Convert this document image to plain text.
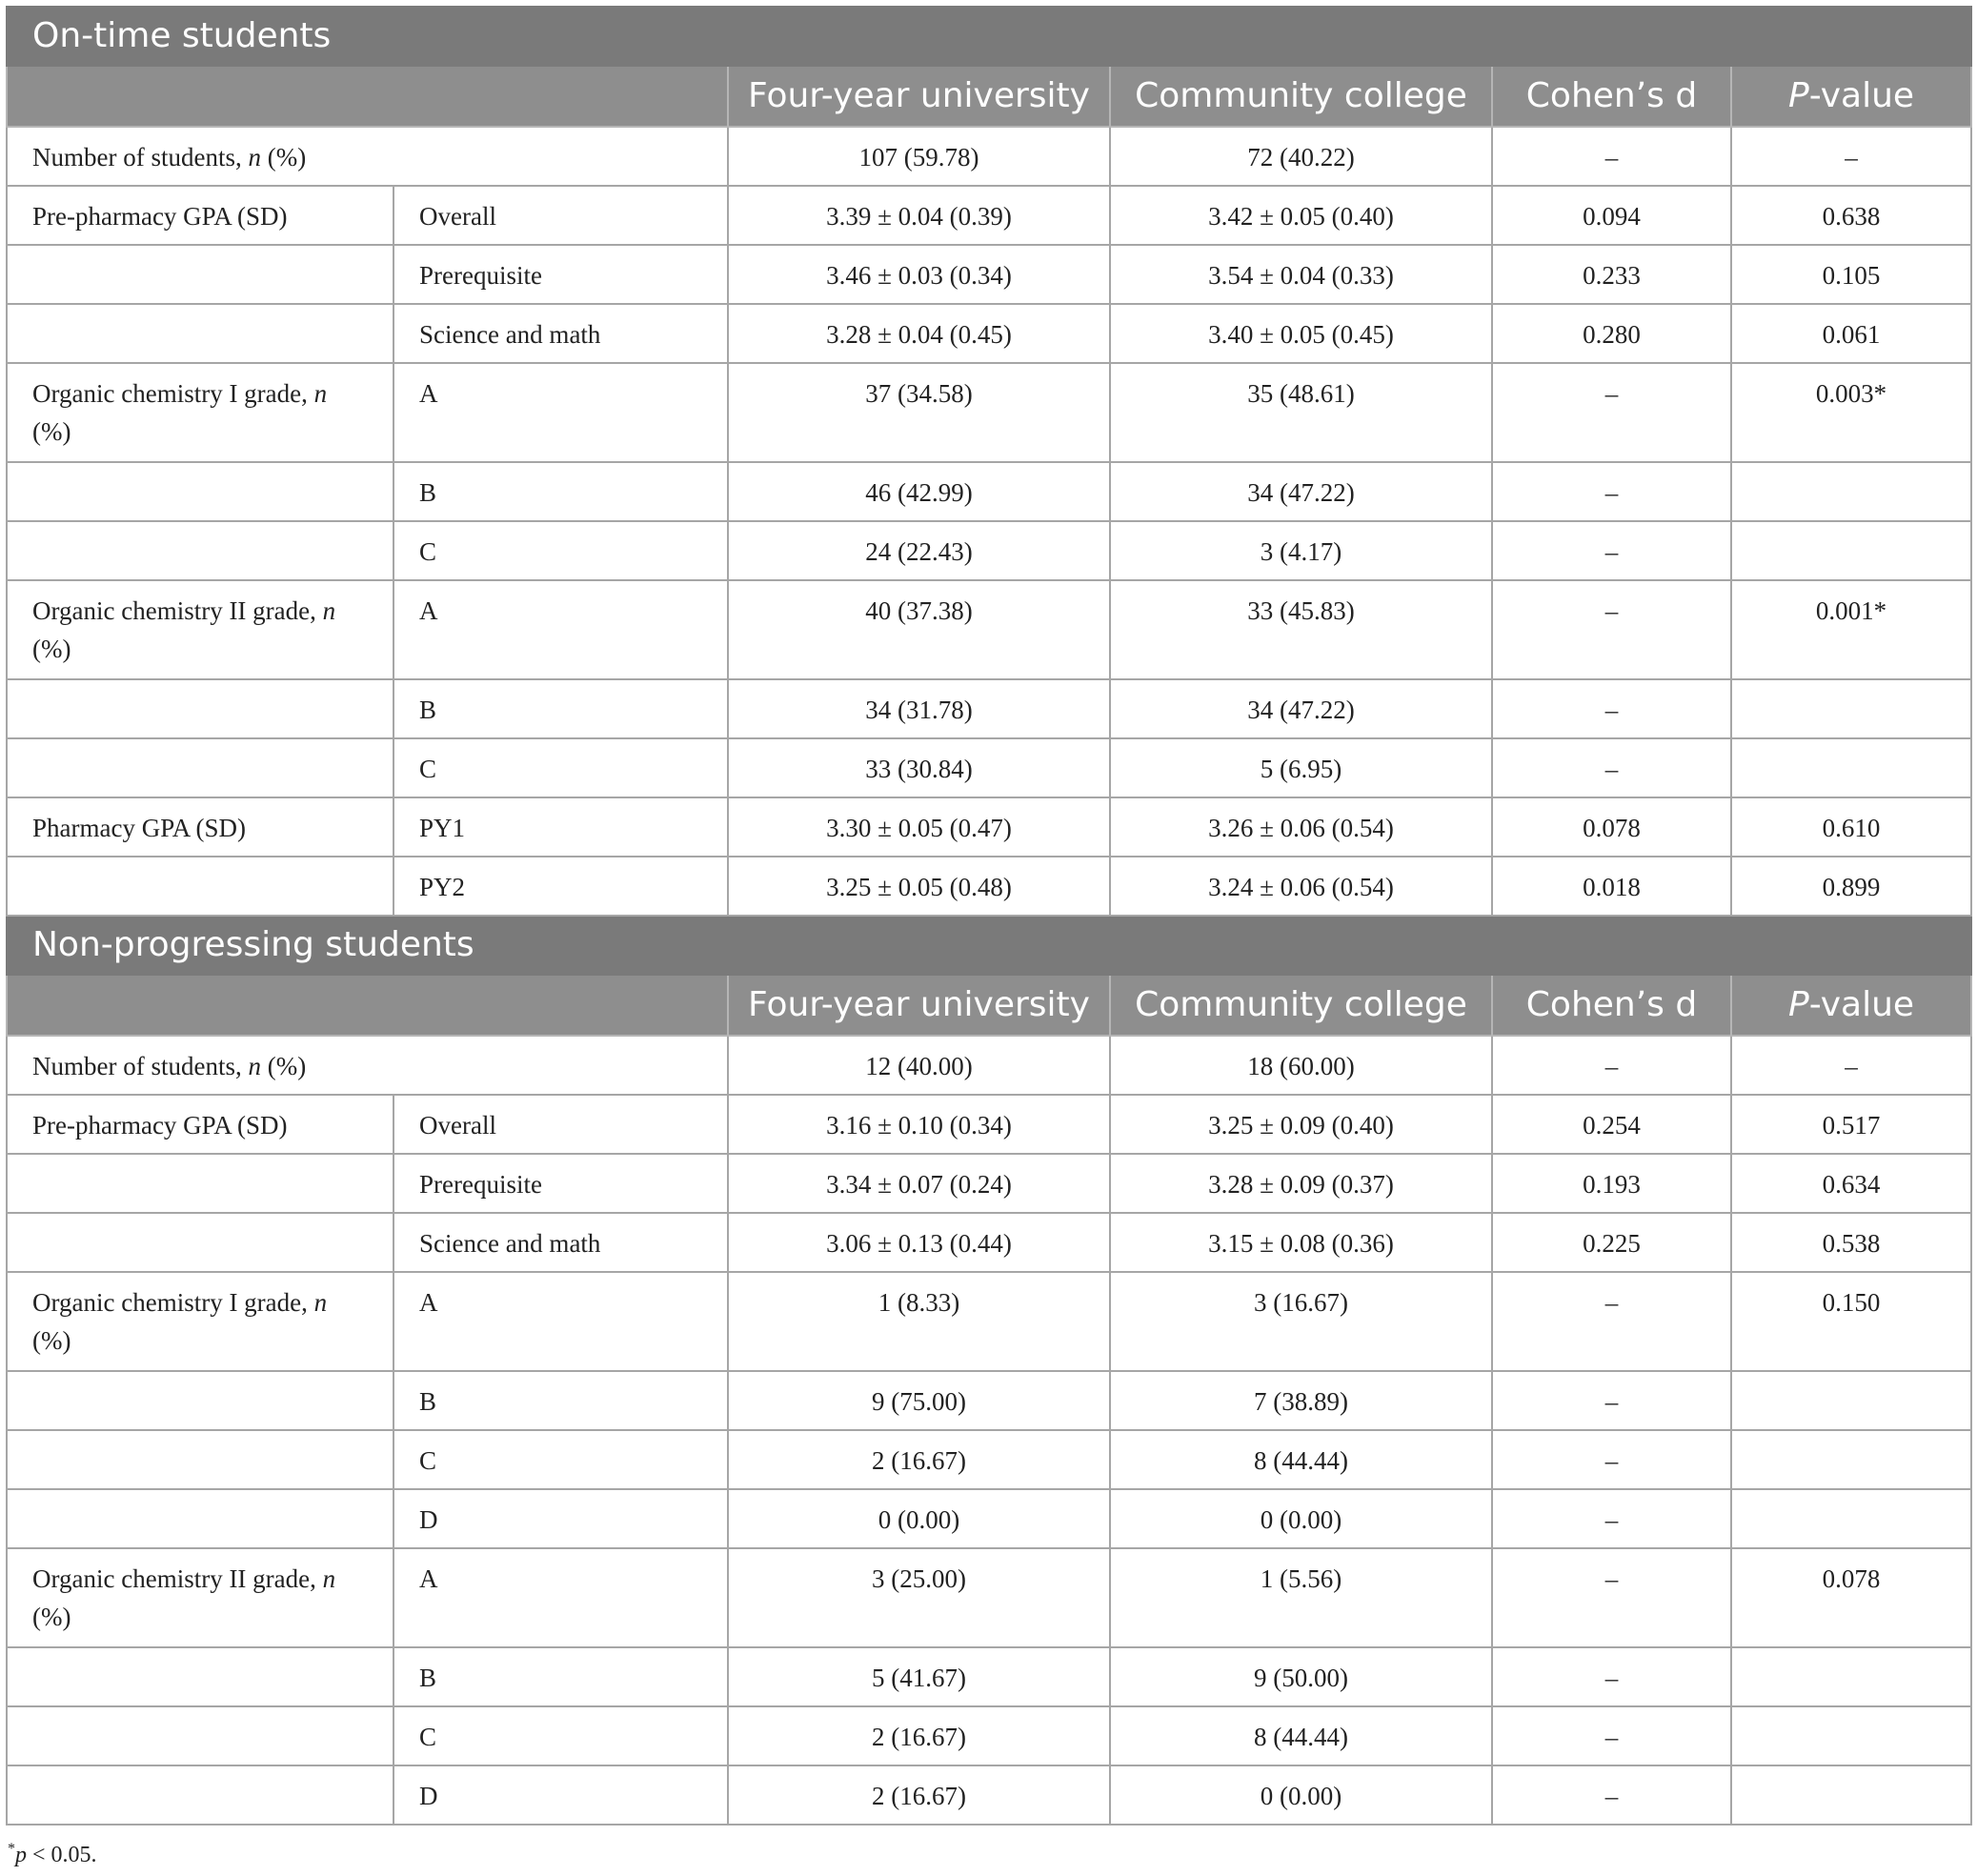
On-time students					
		Four-year university	Community college	Cohen’s d	P-value
Number of students, n (%)		107 (59.78)	72 (40.22)	–	–
Pre-pharmacy GPA (SD)	Overall	3.39 ± 0.04 (0.39)	3.42 ± 0.05 (0.40)	0.094	0.638
	Prerequisite	3.46 ± 0.03 (0.34)	3.54 ± 0.04 (0.33)	0.233	0.105
	Science and math	3.28 ± 0.04 (0.45)	3.40 ± 0.05 (0.45)	0.280	0.061
Organic chemistry I grade, n (%)	A	37 (34.58)	35 (48.61)	–	0.003*
	B	46 (42.99)	34 (47.22)	–	
	C	24 (22.43)	3 (4.17)	–	
Organic chemistry II grade, n (%)	A	40 (37.38)	33 (45.83)	–	0.001*
	B	34 (31.78)	34 (47.22)	–	
	C	33 (30.84)	5 (6.95)	–	
Pharmacy GPA (SD)	PY1	3.30 ± 0.05 (0.47)	3.26 ± 0.06 (0.54)	0.078	0.610
	PY2	3.25 ± 0.05 (0.48)	3.24 ± 0.06 (0.54)	0.018	0.899
Non-progressing students					
		Four-year university	Community college	Cohen’s d	P-value
Number of students, n (%)		12 (40.00)	18 (60.00)	–	–
Pre-pharmacy GPA (SD)	Overall	3.16 ± 0.10 (0.34)	3.25 ± 0.09 (0.40)	0.254	0.517
	Prerequisite	3.34 ± 0.07 (0.24)	3.28 ± 0.09 (0.37)	0.193	0.634
	Science and math	3.06 ± 0.13 (0.44)	3.15 ± 0.08 (0.36)	0.225	0.538
Organic chemistry I grade, n (%)	A	1 (8.33)	3 (16.67)	–	0.150
	B	9 (75.00)	7 (38.89)	–	
	C	2 (16.67)	8 (44.44)	–	
	D	0 (0.00)	0 (0.00)	–	
Organic chemistry II grade, n (%)	A	3 (25.00)	1 (5.56)	–	0.078
	B	5 (41.67)	9 (50.00)	–	
	C	2 (16.67)	8 (44.44)	–	
	D	2 (16.67)	0 (0.00)	–	
*p < 0.05.
